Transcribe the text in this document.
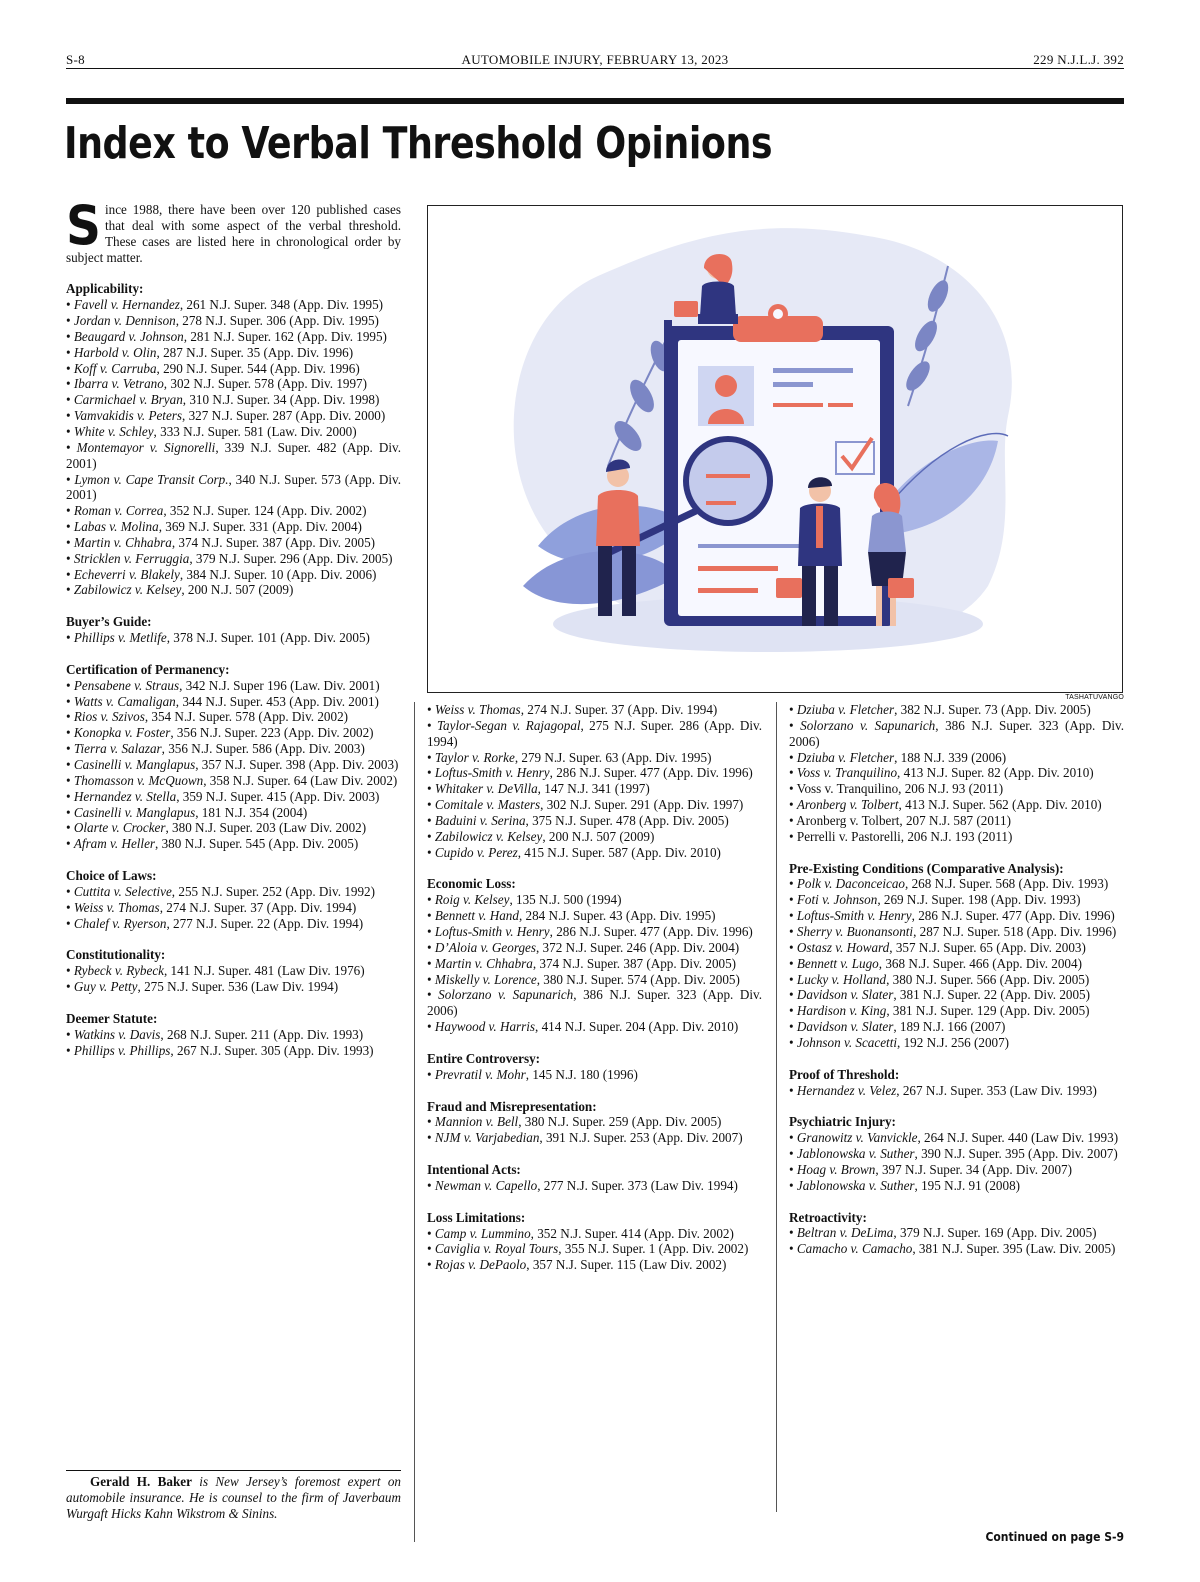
S-8	AUTOMOBILE INJURY, FEBRUARY 13, 2023	229 N.J.L.J. 392
Index to Verbal Threshold Opinions
TASHATUVANGO

Since 1988, there have been over 120 published cases that deal with some aspect of the verbal threshold. These cases are listed here in chronological order by subject matter.

Applicability:

• Favell v. Hernandez, 261 N.J. Super. 348 (App. Div. 1995)

• Jordan v. Dennison, 278 N.J. Super. 306 (App. Div. 1995)

• Beaugard v. Johnson, 281 N.J. Super. 162 (App. Div. 1995)

• Harbold v. Olin, 287 N.J. Super. 35 (App. Div. 1996)

• Koff v. Carruba, 290 N.J. Super. 544 (App. Div. 1996)

• Ibarra v. Vetrano, 302 N.J. Super. 578 (App. Div. 1997)

• Carmichael v. Bryan, 310 N.J. Super. 34 (App. Div. 1998)

• Vamvakidis v. Peters, 327 N.J. Super. 287 (App. Div. 2000)

• White v. Schley, 333 N.J. Super. 581 (Law. Div. 2000)

• Montemayor v. Signorelli, 339 N.J. Super. 482 (App. Div. 2001)

• Lymon v. Cape Transit Corp., 340 N.J. Super. 573 (App. Div. 2001)

• Roman v. Correa, 352 N.J. Super. 124 (App. Div. 2002)

• Labas v. Molina, 369 N.J. Super. 331 (App. Div. 2004)

• Martin v. Chhabra, 374 N.J. Super. 387 (App. Div. 2005)

• Stricklen v. Ferruggia, 379 N.J. Super. 296 (App. Div. 2005)

• Echeverri v. Blakely, 384 N.J. Super. 10 (App. Div. 2006)

• Zabilowicz v. Kelsey, 200 N.J. 507 (2009)

Buyer’s Guide:

• Phillips v. Metlife, 378 N.J. Super. 101 (App. Div. 2005)

Certification of Permanency:

• Pensabene v. Straus, 342 N.J. Super 196 (Law. Div. 2001)

• Watts v. Camaligan, 344 N.J. Super. 453 (App. Div. 2001)

• Rios v. Szivos, 354 N.J. Super. 578 (App. Div. 2002)

• Konopka v. Foster, 356 N.J. Super. 223 (App. Div. 2002)

• Tierra v. Salazar, 356 N.J. Super. 586 (App. Div. 2003)

• Casinelli v. Manglapus, 357 N.J. Super. 398 (App. Div. 2003)

• Thomasson v. McQuown, 358 N.J. Super. 64 (Law Div. 2002)

• Hernandez v. Stella, 359 N.J. Super. 415 (App. Div. 2003)

• Casinelli v. Manglapus, 181 N.J. 354 (2004)

• Olarte v. Crocker, 380 N.J. Super. 203 (Law Div. 2002)

• Afram v. Heller, 380 N.J. Super. 545 (App. Div. 2005)

Choice of Laws:

• Cuttita v. Selective, 255 N.J. Super. 252 (App. Div. 1992)

• Weiss v. Thomas, 274 N.J. Super. 37 (App. Div. 1994)

• Chalef v. Ryerson, 277 N.J. Super. 22 (App. Div. 1994)

Constitutionality:

• Rybeck v. Rybeck, 141 N.J. Super. 481 (Law Div. 1976)

• Guy v. Petty, 275 N.J. Super. 536 (Law Div. 1994)

Deemer Statute:

• Watkins v. Davis, 268 N.J. Super. 211 (App. Div. 1993)

• Phillips v. Phillips, 267 N.J. Super. 305 (App. Div. 1993)

• Weiss v. Thomas, 274 N.J. Super. 37 (App. Div. 1994)

• Taylor-Segan v. Rajagopal, 275 N.J. Super. 286 (App. Div. 1994)

• Taylor v. Rorke, 279 N.J. Super. 63 (App. Div. 1995)

• Loftus-Smith v. Henry, 286 N.J. Super. 477 (App. Div. 1996)

• Whitaker v. DeVilla, 147 N.J. 341 (1997)

• Comitale v. Masters, 302 N.J. Super. 291 (App. Div. 1997)

• Baduini v. Serina, 375 N.J. Super. 478 (App. Div. 2005)

• Zabilowicz v. Kelsey, 200 N.J. 507 (2009)

• Cupido v. Perez, 415 N.J. Super. 587 (App. Div. 2010)

Economic Loss:

• Roig v. Kelsey, 135 N.J. 500 (1994)

• Bennett v. Hand, 284 N.J. Super. 43 (App. Div. 1995)

• Loftus-Smith v. Henry, 286 N.J. Super. 477 (App. Div. 1996)

• D’Aloia v. Georges, 372 N.J. Super. 246 (App. Div. 2004)

• Martin v. Chhabra, 374 N.J. Super. 387 (App. Div. 2005)

• Miskelly v. Lorence, 380 N.J. Super. 574 (App. Div. 2005)

• Solorzano v. Sapunarich, 386 N.J. Super. 323 (App. Div. 2006)

• Haywood v. Harris, 414 N.J. Super. 204 (App. Div. 2010)

Entire Controversy:

• Prevratil v. Mohr, 145 N.J. 180 (1996)

Fraud and Misrepresentation:

• Mannion v. Bell, 380 N.J. Super. 259 (App. Div. 2005)

• NJM v. Varjabedian, 391 N.J. Super. 253 (App. Div. 2007)

Intentional Acts:

• Newman v. Capello, 277 N.J. Super. 373 (Law Div. 1994)

Loss Limitations:

• Camp v. Lummino, 352 N.J. Super. 414 (App. Div. 2002)

• Caviglia v. Royal Tours, 355 N.J. Super. 1 (App. Div. 2002)

• Rojas v. DePaolo, 357 N.J. Super. 115 (Law Div. 2002)

• Dziuba v. Fletcher, 382 N.J. Super. 73 (App. Div. 2005)

• Solorzano v. Sapunarich, 386 N.J. Super. 323 (App. Div. 2006)

• Dziuba v. Fletcher, 188 N.J. 339 (2006)

• Voss v. Tranquilino, 413 N.J. Super. 82 (App. Div. 2010)

• Voss v. Tranquilino, 206 N.J. 93 (2011)

• Aronberg v. Tolbert, 413 N.J. Super. 562 (App. Div. 2010)

• Aronberg v. Tolbert, 207 N.J. 587 (2011)

• Perrelli v. Pastorelli, 206 N.J. 193 (2011)

Pre-Existing Conditions (Comparative Analysis):

• Polk v. Daconceicao, 268 N.J. Super. 568 (App. Div. 1993)

• Foti v. Johnson, 269 N.J. Super. 198 (App. Div. 1993)

• Loftus-Smith v. Henry, 286 N.J. Super. 477 (App. Div. 1996)

• Sherry v. Buonansonti, 287 N.J. Super. 518 (App. Div. 1996)

• Ostasz v. Howard, 357 N.J. Super. 65 (App. Div. 2003)

• Bennett v. Lugo, 368 N.J. Super. 466 (App. Div. 2004)

• Lucky v. Holland, 380 N.J. Super. 566 (App. Div. 2005)

• Davidson v. Slater, 381 N.J. Super. 22 (App. Div. 2005)

• Hardison v. King, 381 N.J. Super. 129 (App. Div. 2005)

• Davidson v. Slater, 189 N.J. 166 (2007)

• Johnson v. Scacetti, 192 N.J. 256 (2007)

Proof of Threshold:

• Hernandez v. Velez, 267 N.J. Super. 353 (Law Div. 1993)

Psychiatric Injury:

• Granowitz v. Vanvickle, 264 N.J. Super. 440 (Law Div. 1993)

• Jablonowska v. Suther, 390 N.J. Super. 395 (App. Div. 2007)

• Hoag v. Brown, 397 N.J. Super. 34 (App. Div. 2007)

• Jablonowska v. Suther, 195 N.J. 91 (2008)

Retroactivity:

• Beltran v. DeLima, 379 N.J. Super. 169 (App. Div. 2005)

• Camacho v. Camacho, 381 N.J. Super. 395 (Law. Div. 2005)

Gerald H. Baker is New Jersey’s foremost expert on automobile insurance. He is counsel to the firm of Javerbaum Wurgaft Hicks Kahn Wikstrom & Sinins.
Continued on page S-9
